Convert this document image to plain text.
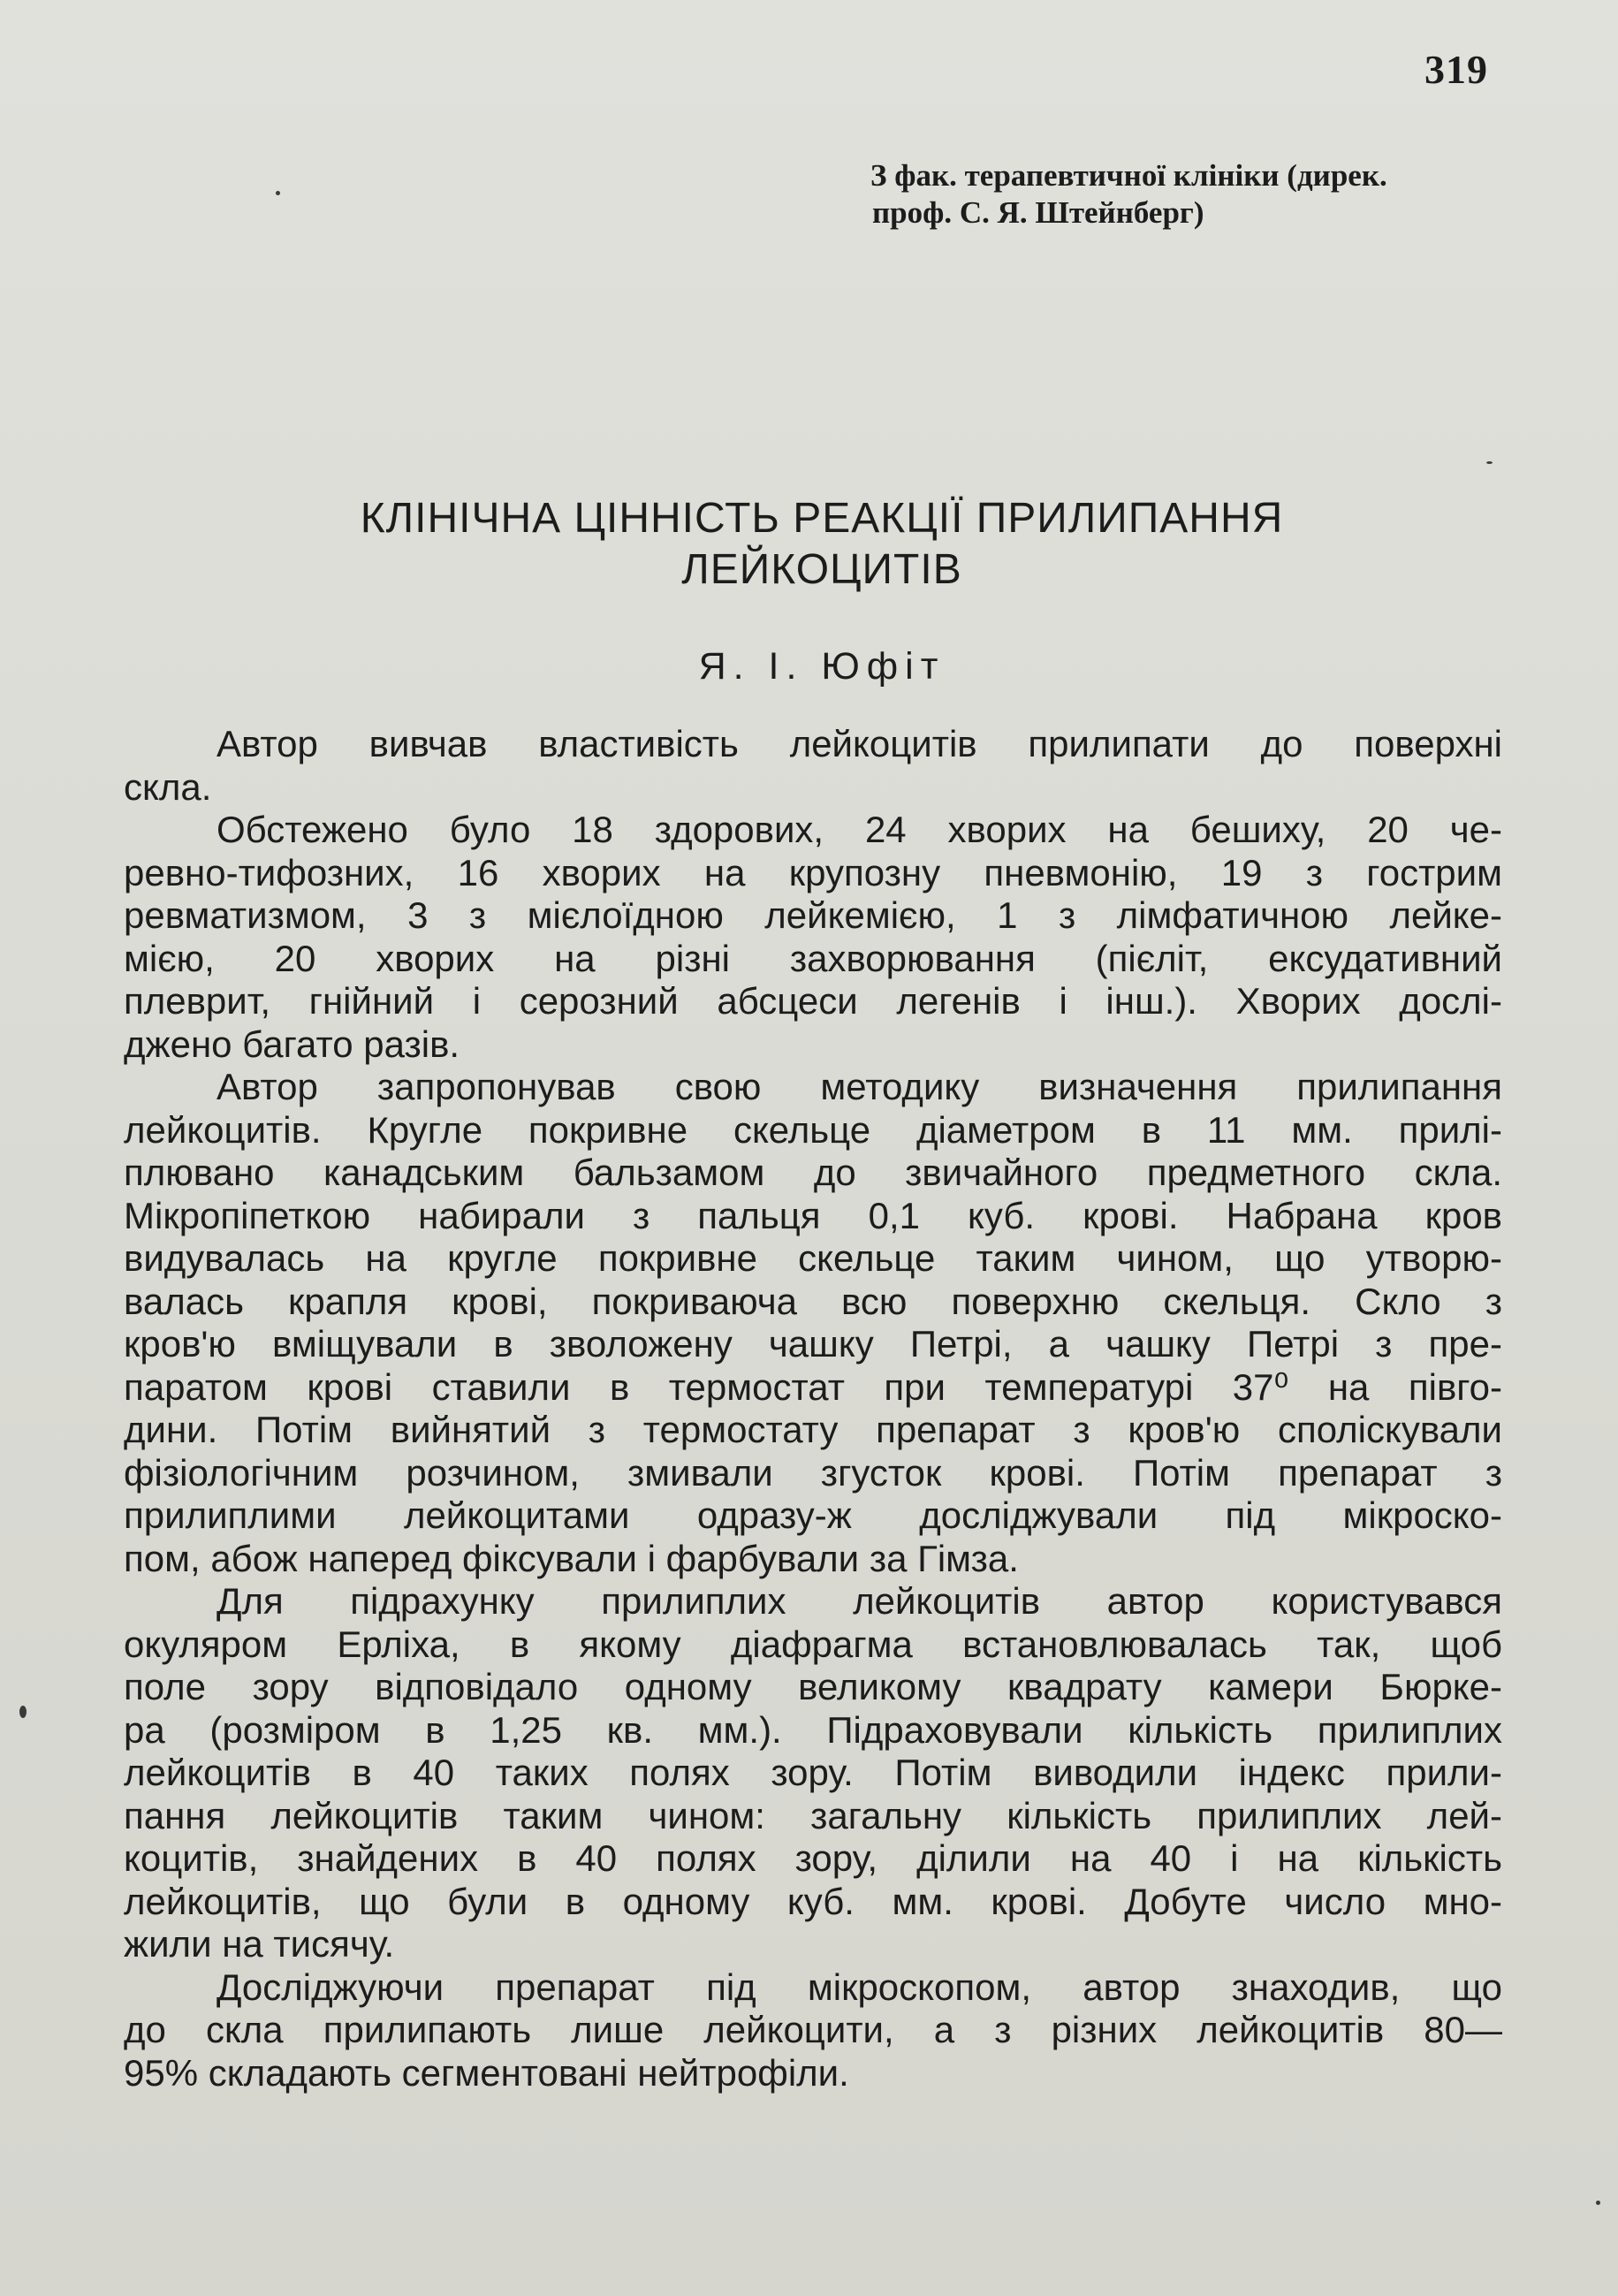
319
З фак. терапевтичної клініки (дирек.
проф. С. Я. Штейнберг)
КЛІНІЧНА ЦІННІСТЬ РЕАКЦІЇ ПРИЛИПАННЯ
ЛЕЙКОЦИТІВ
Я. І. Юфіт
Автор вивчав властивість лейкоцитів прилипати до поверхні
скла.
Обстежено було 18 здорових, 24 хворих на бешиху, 20 че-
ревно-тифозних, 16 хворих на крупозну пневмонію, 19 з гострим
ревматизмом, 3 з мієлоїдною лейкемією, 1 з лімфатичною лейке-
мією, 20 хворих на різні захворювання (пієліт, ексудативний
плеврит, гнійний і серозний абсцеси легенів і інш.). Хворих дослі-
джено багато разів.
Автор запропонував свою методику визначення прилипання
лейкоцитів. Кругле покривне скельце діаметром в 11 мм. прилі-
плювано канадським бальзамом до звичайного предметного скла.
Мікропіпеткою набирали з пальця 0,1 куб. крові. Набрана кров
видувалась на кругле покривне скельце таким чином, що утворю-
валась крапля крові, покриваюча всю поверхню скельця. Скло з
кров'ю вміщували в зволожену чашку Петрі, а чашку Петрі з пре-
паратом крові ставили в термостат при температурі 37⁰ на півго-
дини. Потім вийнятий з термостату препарат з кров'ю споліскували
фізіологічним розчином, змивали згусток крові. Потім препарат з
прилиплими лейкоцитами одразу-ж досліджували під мікроско-
пом, абож наперед фіксували і фарбували за Гімза.
Для підрахунку прилиплих лейкоцитів автор користувався
окуляром Ерліха, в якому діафрагма встановлювалась так, щоб
поле зору відповідало одному великому квадрату камери Бюрке-
ра (розміром в 1,25 кв. мм.). Підраховували кількість прилиплих
лейкоцитів в 40 таких полях зору. Потім виводили індекс прили-
пання лейкоцитів таким чином: загальну кількість прилиплих лей-
коцитів, знайдених в 40 полях зору, ділили на 40 і на кількість
лейкоцитів, що були в одному куб. мм. крові. Добуте число мно-
жили на тисячу.
Досліджуючи препарат під мікроскопом, автор знаходив, що
до скла прилипають лише лейкоцити, а з різних лейкоцитів 80—
95% складають сегментовані нейтрофіли.
